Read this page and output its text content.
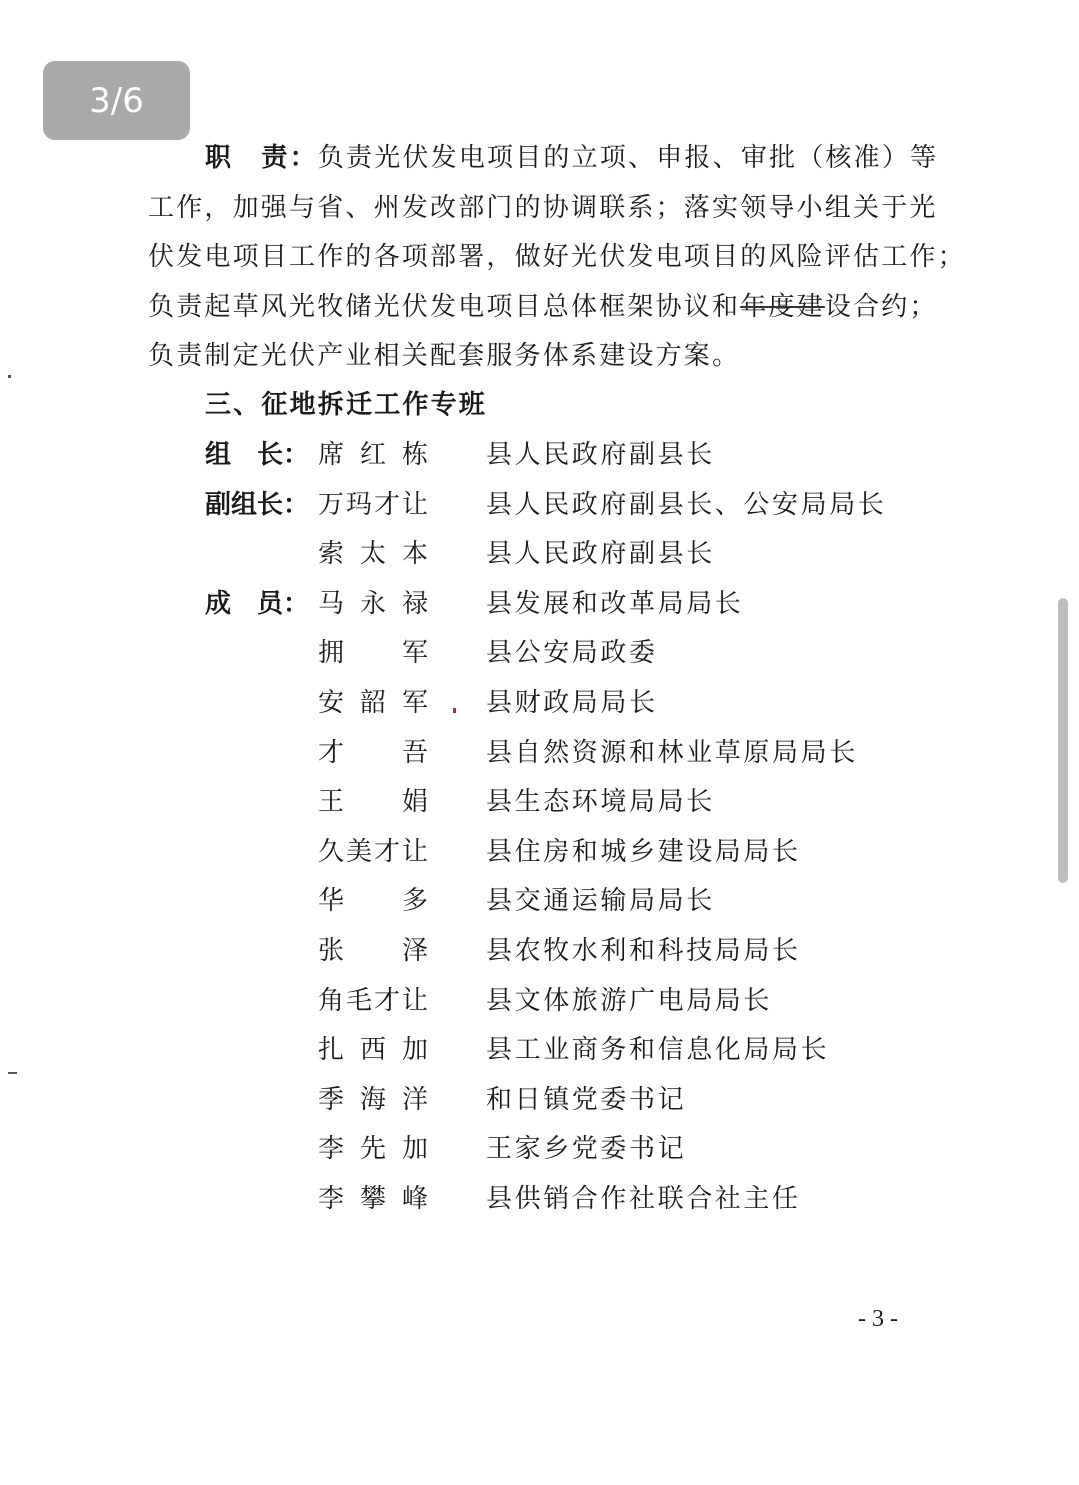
3/6
职　责：负责光伏发电项目的立项、申报、审批（核准）等
工作，加强与省、州发改部门的协调联系；落实领导小组关于光
伏发电项目工作的各项部署，做好光伏发电项目的风险评估工作；
负责起草风光牧储光伏发电项目总体框架协议和年度建设合约；
负责制定光伏产业相关配套服务体系建设方案。
三、征地拆迁工作专班
组　长： 席 红 栋 县人民政府副县长
副组长： 万 玛 才 让 县人民政府副县长、公安局局长
索 太 本 县人民政府副县长
成　员： 马 永 禄 县发展和改革局局长
拥 军 县公安局政委
安 韶 军 县财政局局长
才 吾 县自然资源和林业草原局局长
王 娟 县生态环境局局长
久 美 才 让 县住房和城乡建设局局长
华 多 县交通运输局局长
张 泽 县农牧水利和科技局局长
角 毛 才 让 县文体旅游广电局局长
扎 西 加 县工业商务和信息化局局长
季 海 洋 和日镇党委书记
李 先 加 王家乡党委书记
李 攀 峰 县供销合作社联合社主任
- 3 -
